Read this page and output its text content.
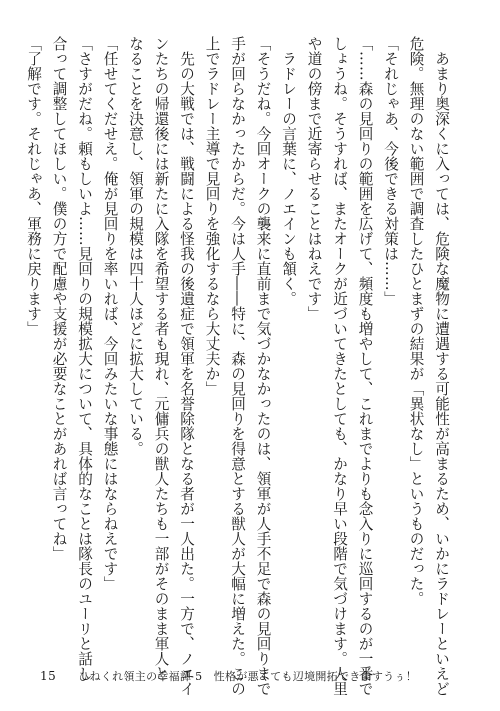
　あまり奥深くに入っては、危険な魔物に遭遇する可能性が高まるため、いかにラドレーといえど
危険。無理のない範囲で調査したひとまずの結果が「異状なし」というものだった。
「それじゃあ、今後できる対策は……」
「……森の見回りの範囲を広げて、頻度も増やして、これまでよりも念入りに巡回するのが一番で
しょうね。そうすれば、またオークが近づいてきたとしても、かなり早い段階で気づけます。人里
や道の傍まで近寄らせることはねえです」
　ラドレーの言葉に、ノエインも頷く。
「そうだね。今回オークの襲来に直前まで気づかなかったのは、領軍が人手不足で森の見回りまで
手が回らなかったからだ。今は人手――特に、森の見回りを得意とする獣人が大幅に増えた。この
上でラドレー主導で見回りを強化するなら大丈夫か」
　先の大戦では、戦闘による怪我の後遺症で領軍を名誉除隊となる者が一人出た。一方で、ノエイ
ンたちの帰還後には新たに入隊を希望する者も現れ、元傭兵の獣人たちも一部がそのまま軍人と
なることを決意し、領軍の規模は四十人ほどに拡大している。
「任せてくだせえ。俺が見回りを率いれば、今回みたいな事態にはならねえです」
「さすがだね。頼もしいよ……見回りの規模拡大について、具体的なことは隊長のユーリと話し
合って調整してほしい。僕の方で配慮や支援が必要なことがあれば言ってね」
「了解です。それじゃあ、軍務に戻ります」
15 ひねくれ領主の幸福譚 5　性格が悪くても辺境開拓できますうぅ！
